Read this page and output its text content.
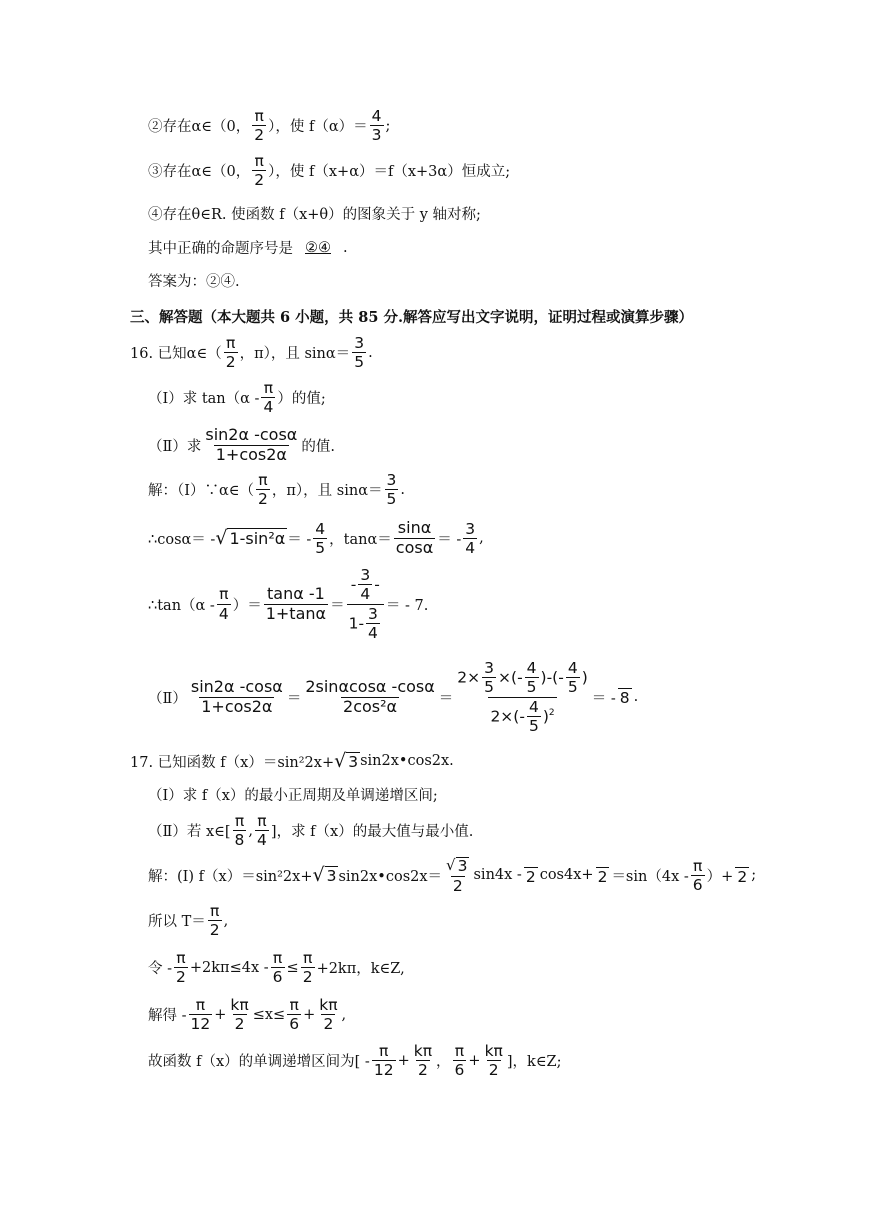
②存在α∈（0， $\frac{\pi}{2}$ ），使 $f(\alpha)= \frac{4}{3}$ ;
③存在α∈（0， $\frac{\pi}{2}$ ），使 f（x+α）＝f（x+3α）恒成立;
④存在θ∈R. 使函数 f（x+θ）的图象关于 y 轴对称;
其中正确的命题序号是 ②④ .
答案为：②④.
三、解答题（本大题共 6 小题，共 85 分.解答应写出文字说明，证明过程或演算步骤）
16. 已知α∈（ $\frac{\pi}{2}$ ，π），且 $\sin\alpha= \frac{3}{5}$ .
（Ⅰ）求 $\tan(\alpha - \frac{\pi}{4}$ ）的值;
（Ⅱ）求 $\frac{\sin 2\alpha -\cos\alpha}{1+\cos 2\alpha}$ 的值.
解：（Ⅰ）∵α∈（ $\frac{\pi}{2}$ ，π），且 $\sin\alpha= \frac{3}{5}$ .
∴cosα＝ - √ 1-sin²α ＝ - $\frac{4}{5}$ ，$\tan\alpha= \frac{\sin\alpha}{\cos\alpha}$ ＝ - $\frac{3}{4}$ ,
∴tan（α - $\frac{\pi}{4}$ ）＝ $\frac{\tan\alpha -1}{1+\tan\alpha} = \frac{- \frac{3}{4} -}{1- \frac{3}{4}}$ ＝ - 7.
（Ⅱ） $\frac{\sin 2\alpha -\cos\alpha}{1+\cos 2\alpha} = \frac{2\sin\alpha\cos\alpha -\cos\alpha}{\text{2cos²α}} = \frac{2\times \frac{3}{5} \times(- \frac{4}{5} )-(- \frac{4}{5} )}{2\times(- \frac{4}{5} )^2}$ ＝ - 8 .
17. 已知函数 f（x）＝sin²2x+ √ 3 sin2x•cos2x.
（Ⅰ）求 f（x）的最小正周期及单调递增区间;
（Ⅱ）若 x∈[ $\frac{\pi}{8}$ , $\frac{\pi}{4}$ ]，求 f（x）的最大值与最小值.
解：(Ⅰ) f（x）＝sin²2x+ √ 3 sin2x•cos2x＝ $\frac{√ 3}{2} \sin 4x - 2$ $\cos 4x+ 2 =\sin(4x - \frac{\pi}{6}$ ）+ 2 ;
所以 $T= \frac{\pi}{2}$ ,
令 - $\frac{\pi}{2} +2k\pi\le 4x - \frac{\pi}{6} \le \frac{\pi}{2} +2k\pi$，k∈Z,
解得 - $\frac{\pi}{12} + \frac{k\pi}{2} \le x\le \frac{\pi}{6} + \frac{k\pi}{2}$ ,
故函数 f（x）的单调递增区间为[ - $\frac{\pi}{12} + \frac{k\pi}{2}$ ， $\frac{\pi}{6} + \frac{k\pi}{2}$ ]，k∈Z;
